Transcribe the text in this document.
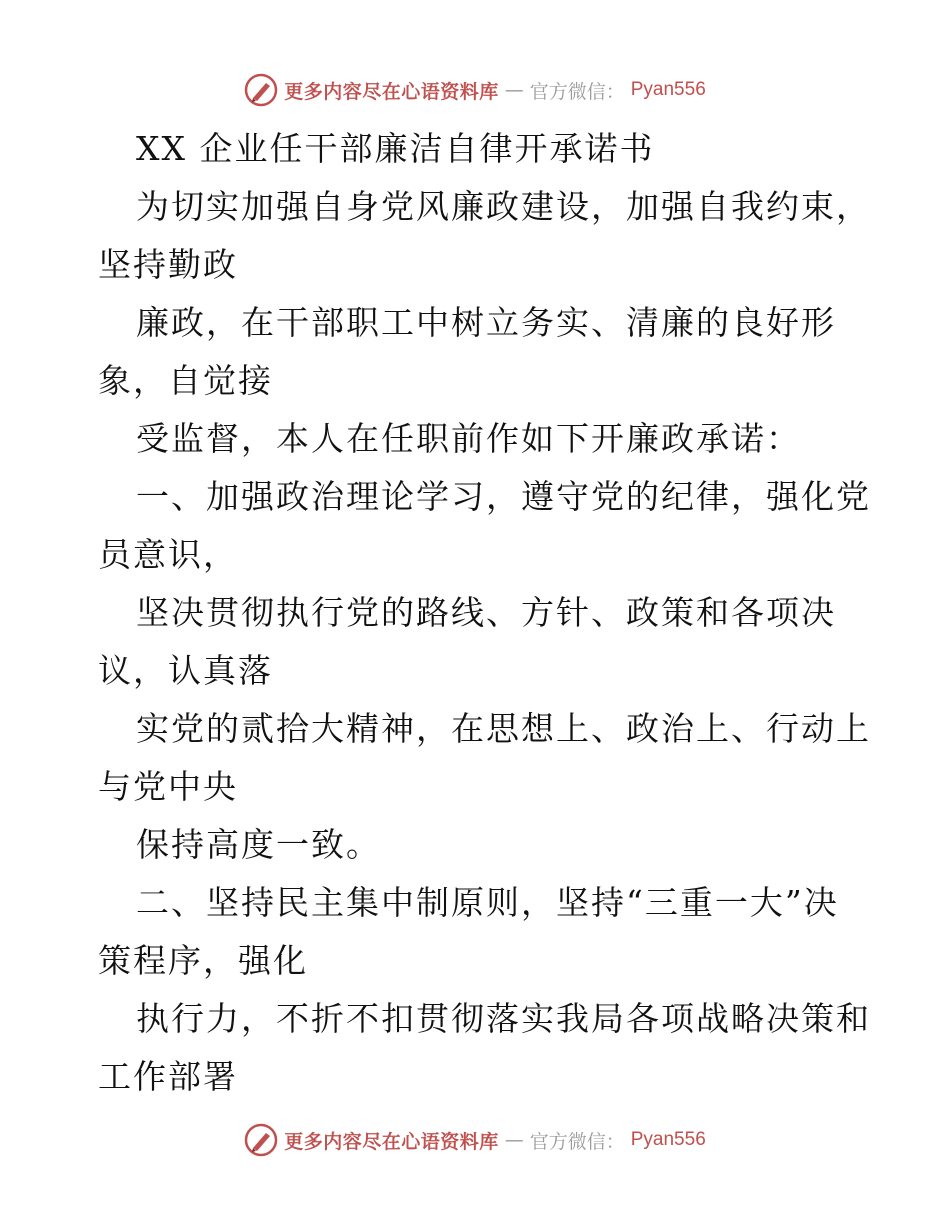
更多内容尽在心语资料库 — 官方微信： Pyan556
XX 企业任干部廉洁自律开承诺书
为切实加强自身党风廉政建设，加强自我约束，
坚持勤政
廉政，在干部职工中树立务实、清廉的良好形
象，自觉接
受监督，本人在任职前作如下开廉政承诺：
一、加强政治理论学习，遵守党的纪律，强化党
员意识，
坚决贯彻执行党的路线、方针、政策和各项决
议，认真落
实党的贰拾大精神，在思想上、政治上、行动上
与党中央
保持高度一致。
二、坚持民主集中制原则，坚持“三重一大”决
策程序，强化
执行力，不折不扣贯彻落实我局各项战略决策和
工作部署
更多内容尽在心语资料库 — 官方微信： Pyan556
